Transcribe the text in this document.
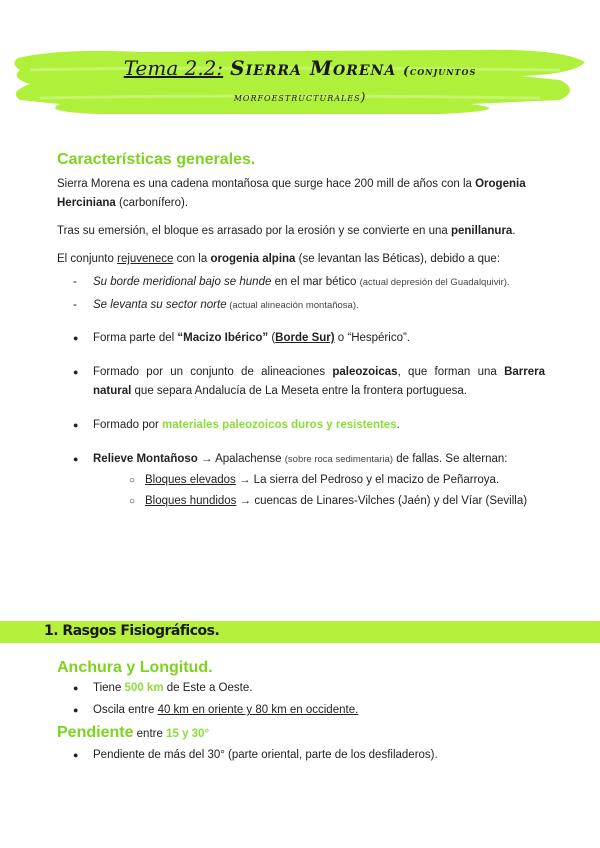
Tema 2.2: Sierra Morena (conjuntos
morfoestructurales)
Características generales.

Sierra Morena es una cadena montañosa que surge hace 200 mill de años con la Orogenia Herciniana (carbonífero).

Tras su emersión, el bloque es arrasado por la erosión y se convierte en una penillanura.

El conjunto rejuvenece con la orogenia alpina (se levantan las Béticas), debido a que:

- Su borde meridional bajo se hunde en el mar bético (actual depresión del Guadalquivir).
- Se levanta su sector norte (actual alineación montañosa).
● Forma parte del “Macizo Ibérico” (Borde Sur) o “Hespérico”.
● Formado por un conjunto de alineaciones paleozoicas, que forman una Barrera natural que separa Andalucía de La Meseta entre la frontera portuguesa.
● Formado por materiales paleozoicos duros y resistentes.
● Relieve Montañoso → Apalachense (sobre roca sedimentaria) de fallas. Se alternan:
○ Bloques elevados → La sierra del Pedroso y el macizo de Peñarroya.
○ Bloques hundidos → cuencas de Linares-Vilches (Jaén) y del Víar (Sevilla)
1. Rasgos Fisiográficos.
Anchura y Longitud.
● Tiene 500 km de Este a Oeste.
● Oscila entre 40 km en oriente y 80 km en occidente.
Pendiente entre 15 y 30°
● Pendiente de más del 30° (parte oriental, parte de los desfiladeros).
